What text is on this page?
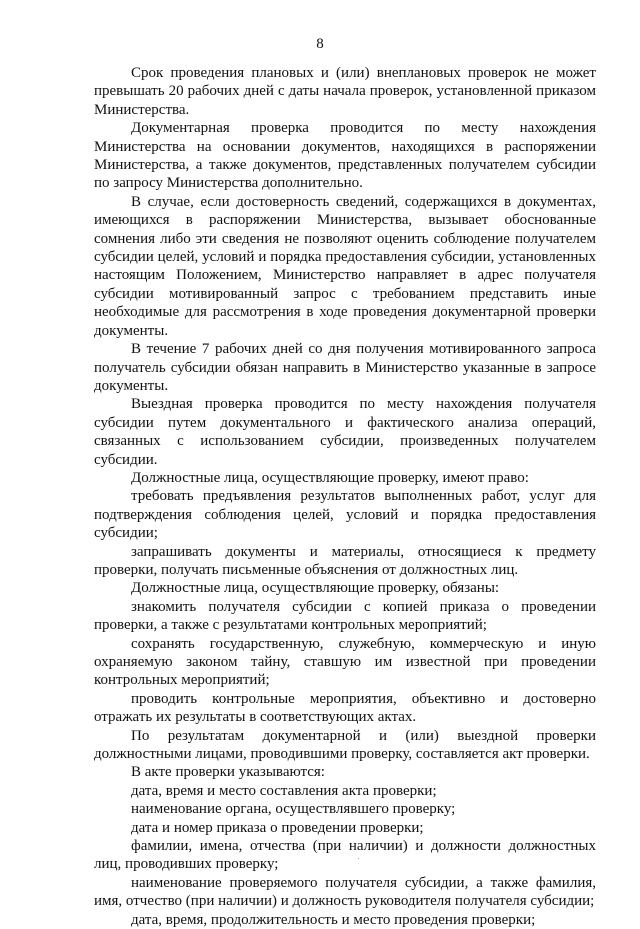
8

Срок проведения плановых и (или) внеплановых проверок не может превышать 20 рабочих дней с даты начала проверок, установленной приказом Министерства.

Документарная проверка проводится по месту нахождения Министерства на основании документов, находящихся в распоряжении Министерства, а также документов, представленных получателем субсидии по запросу Министерства дополнительно.

В случае, если достоверность сведений, содержащихся в документах, имеющихся в распоряжении Министерства, вызывает обоснованные сомнения либо эти сведения не позволяют оценить соблюдение получателем субсидии целей, условий и порядка предоставления субсидии, установленных настоящим Положением, Министерство направляет в адрес получателя субсидии мотивированный запрос с требованием представить иные необходимые для рассмотрения в ходе проведения документарной проверки документы.

В течение 7 рабочих дней со дня получения мотивированного запроса получатель субсидии обязан направить в Министерство указанные в запросе документы.

Выездная проверка проводится по месту нахождения получателя субсидии путем документального и фактического анализа операций, связанных с использованием субсидии, произведенных получателем субсидии.

Должностные лица, осуществляющие проверку, имеют право:

требовать предъявления результатов выполненных работ, услуг для подтверждения соблюдения целей, условий и порядка предоставления субсидии;

запрашивать документы и материалы, относящиеся к предмету проверки, получать письменные объяснения от должностных лиц.

Должностные лица, осуществляющие проверку, обязаны:

знакомить получателя субсидии с копией приказа о проведении проверки, а также с результатами контрольных мероприятий;

сохранять государственную, служебную, коммерческую и иную охраняемую законом тайну, ставшую им известной при проведении контрольных мероприятий;

проводить контрольные мероприятия, объективно и достоверно отражать их результаты в соответствующих актах.

По результатам документарной и (или) выездной проверки должностными лицами, проводившими проверку, составляется акт проверки.

В акте проверки указываются:

дата, время и место составления акта проверки;

наименование органа, осуществлявшего проверку;

дата и номер приказа о проведении проверки;

фамилии, имена, отчества (при наличии) и должности должностных лиц, проводивших проверку;

наименование проверяемого получателя субсидии, а также фамилия, имя, отчество (при наличии) и должность руководителя получателя субсидии;

дата, время, продолжительность и место проведения проверки;
